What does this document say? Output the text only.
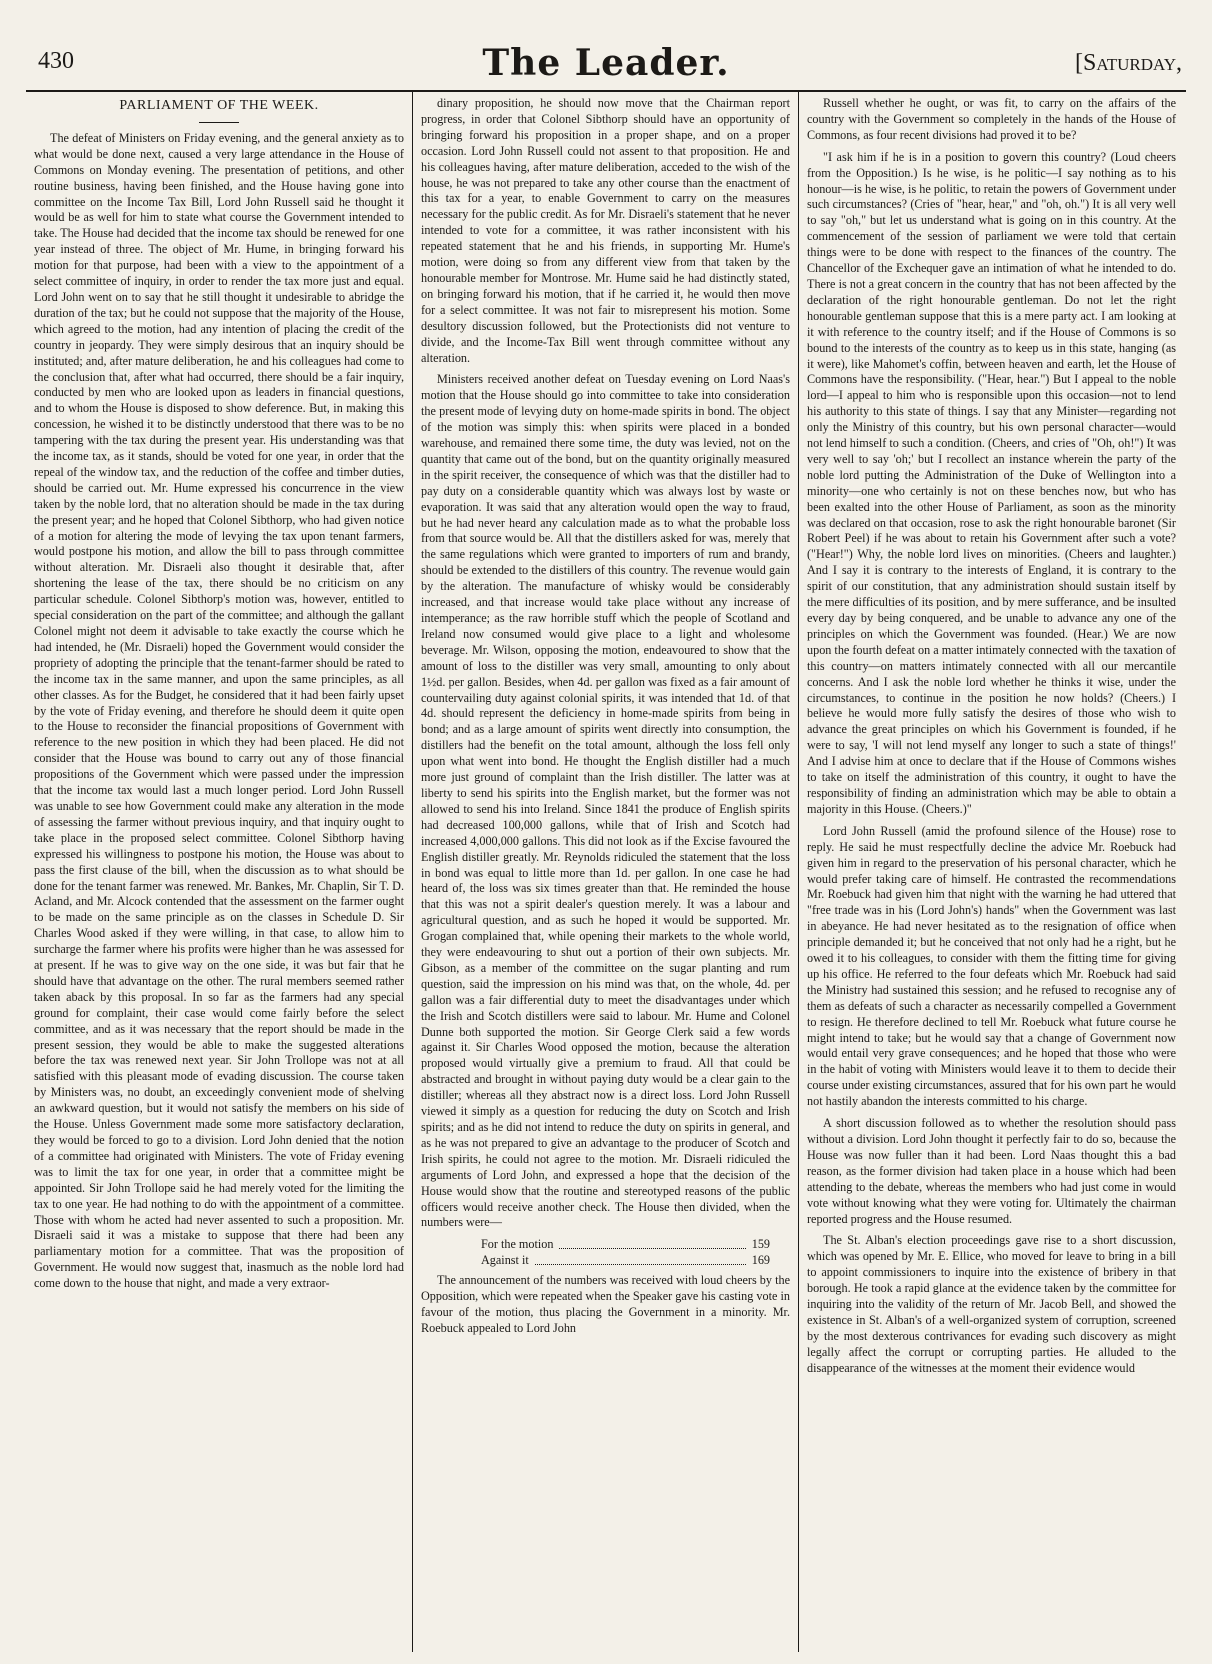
430	The Leader.	[Saturday,
PARLIAMENT OF THE WEEK.

The defeat of Ministers on Friday evening, and the general anxiety as to what would be done next, caused a very large attendance in the House of Commons on Monday evening. The presentation of petitions, and other routine business, having been finished, and the House having gone into committee on the Income Tax Bill, Lord John Russell said he thought it would be as well for him to state what course the Government intended to take. The House had decided that the income tax should be renewed for one year instead of three. The object of Mr. Hume, in bringing forward his motion for that purpose, had been with a view to the appointment of a select committee of inquiry, in order to render the tax more just and equal. Lord John went on to say that he still thought it undesirable to abridge the duration of the tax; but he could not suppose that the majority of the House, which agreed to the motion, had any intention of placing the credit of the country in jeopardy. They were simply desirous that an inquiry should be instituted; and, after mature deliberation, he and his colleagues had come to the conclusion that, after what had occurred, there should be a fair inquiry, conducted by men who are looked upon as leaders in financial questions, and to whom the House is disposed to show deference. But, in making this concession, he wished it to be distinctly understood that there was to be no tampering with the tax during the present year. His understanding was that the income tax, as it stands, should be voted for one year, in order that the repeal of the window tax, and the reduction of the coffee and timber duties, should be carried out. Mr. Hume expressed his concurrence in the view taken by the noble lord, that no alteration should be made in the tax during the present year; and he hoped that Colonel Sibthorp, who had given notice of a motion for altering the mode of levying the tax upon tenant farmers, would postpone his motion, and allow the bill to pass through committee without alteration. Mr. Disraeli also thought it desirable that, after shortening the lease of the tax, there should be no criticism on any particular schedule. Colonel Sibthorp's motion was, however, entitled to special consideration on the part of the committee; and although the gallant Colonel might not deem it advisable to take exactly the course which he had intended, he (Mr. Disraeli) hoped the Government would consider the propriety of adopting the principle that the tenant-farmer should be rated to the income tax in the same manner, and upon the same principles, as all other classes. As for the Budget, he considered that it had been fairly upset by the vote of Friday evening, and therefore he should deem it quite open to the House to reconsider the financial propositions of Government with reference to the new position in which they had been placed. He did not consider that the House was bound to carry out any of those financial propositions of the Government which were passed under the impression that the income tax would last a much longer period. Lord John Russell was unable to see how Government could make any alteration in the mode of assessing the farmer without previous inquiry, and that inquiry ought to take place in the proposed select committee. Colonel Sibthorp having expressed his willingness to postpone his motion, the House was about to pass the first clause of the bill, when the discussion as to what should be done for the tenant farmer was renewed. Mr. Bankes, Mr. Chaplin, Sir T. D. Acland, and Mr. Alcock contended that the assessment on the farmer ought to be made on the same principle as on the classes in Schedule D. Sir Charles Wood asked if they were willing, in that case, to allow him to surcharge the farmer where his profits were higher than he was assessed for at present. If he was to give way on the one side, it was but fair that he should have that advantage on the other. The rural members seemed rather taken aback by this proposal. In so far as the farmers had any special ground for complaint, their case would come fairly before the select committee, and as it was necessary that the report should be made in the present session, they would be able to make the suggested alterations before the tax was renewed next year. Sir John Trollope was not at all satisfied with this pleasant mode of evading discussion. The course taken by Ministers was, no doubt, an exceedingly convenient mode of shelving an awkward question, but it would not satisfy the members on his side of the House. Unless Government made some more satisfactory declaration, they would be forced to go to a division. Lord John denied that the notion of a committee had originated with Ministers. The vote of Friday evening was to limit the tax for one year, in order that a committee might be appointed. Sir John Trollope said he had merely voted for the limiting the tax to one year. He had nothing to do with the appointment of a committee. Those with whom he acted had never assented to such a proposition. Mr. Disraeli said it was a mistake to suppose that there had been any parliamentary motion for a committee. That was the proposition of Government. He would now suggest that, inasmuch as the noble lord had come down to the house that night, and made a very extraor-

dinary proposition, he should now move that the Chairman report progress, in order that Colonel Sibthorp should have an opportunity of bringing forward his proposition in a proper shape, and on a proper occasion. Lord John Russell could not assent to that proposition. He and his colleagues having, after mature deliberation, acceded to the wish of the house, he was not prepared to take any other course than the enactment of this tax for a year, to enable Government to carry on the measures necessary for the public credit. As for Mr. Disraeli's statement that he never intended to vote for a committee, it was rather inconsistent with his repeated statement that he and his friends, in supporting Mr. Hume's motion, were doing so from any different view from that taken by the honourable member for Montrose. Mr. Hume said he had distinctly stated, on bringing forward his motion, that if he carried it, he would then move for a select committee. It was not fair to misrepresent his motion. Some desultory discussion followed, but the Protectionists did not venture to divide, and the Income-Tax Bill went through committee without any alteration.

Ministers received another defeat on Tuesday evening on Lord Naas's motion that the House should go into committee to take into consideration the present mode of levying duty on home-made spirits in bond. The object of the motion was simply this: when spirits were placed in a bonded warehouse, and remained there some time, the duty was levied, not on the quantity that came out of the bond, but on the quantity originally measured in the spirit receiver, the consequence of which was that the distiller had to pay duty on a considerable quantity which was always lost by waste or evaporation. It was said that any alteration would open the way to fraud, but he had never heard any calculation made as to what the probable loss from that source would be. All that the distillers asked for was, merely that the same regulations which were granted to importers of rum and brandy, should be extended to the distillers of this country. The revenue would gain by the alteration. The manufacture of whisky would be considerably increased, and that increase would take place without any increase of intemperance; as the raw horrible stuff which the people of Scotland and Ireland now consumed would give place to a light and wholesome beverage. Mr. Wilson, opposing the motion, endeavoured to show that the amount of loss to the distiller was very small, amounting to only about 1½d. per gallon. Besides, when 4d. per gallon was fixed as a fair amount of countervailing duty against colonial spirits, it was intended that 1d. of that 4d. should represent the deficiency in home-made spirits from being in bond; and as a large amount of spirits went directly into consumption, the distillers had the benefit on the total amount, although the loss fell only upon what went into bond. He thought the English distiller had a much more just ground of complaint than the Irish distiller. The latter was at liberty to send his spirits into the English market, but the former was not allowed to send his into Ireland. Since 1841 the produce of English spirits had decreased 100,000 gallons, while that of Irish and Scotch had increased 4,000,000 gallons. This did not look as if the Excise favoured the English distiller greatly. Mr. Reynolds ridiculed the statement that the loss in bond was equal to little more than 1d. per gallon. In one case he had heard of, the loss was six times greater than that. He reminded the house that this was not a spirit dealer's question merely. It was a labour and agricultural question, and as such he hoped it would be supported. Mr. Grogan complained that, while opening their markets to the whole world, they were endeavouring to shut out a portion of their own subjects. Mr. Gibson, as a member of the committee on the sugar planting and rum question, said the impression on his mind was that, on the whole, 4d. per gallon was a fair differential duty to meet the disadvantages under which the Irish and Scotch distillers were said to labour. Mr. Hume and Colonel Dunne both supported the motion. Sir George Clerk said a few words against it. Sir Charles Wood opposed the motion, because the alteration proposed would virtually give a premium to fraud. All that could be abstracted and brought in without paying duty would be a clear gain to the distiller; whereas all they abstract now is a direct loss. Lord John Russell viewed it simply as a question for reducing the duty on Scotch and Irish spirits; and as he did not intend to reduce the duty on spirits in general, and as he was not prepared to give an advantage to the producer of Scotch and Irish spirits, he could not agree to the motion. Mr. Disraeli ridiculed the arguments of Lord John, and expressed a hope that the decision of the House would show that the routine and stereotyped reasons of the public officers would receive another check. The House then divided, when the numbers were—

For the motion	159
Against it	169

The announcement of the numbers was received with loud cheers by the Opposition, which were repeated when the Speaker gave his casting vote in favour of the motion, thus placing the Government in a minority. Mr. Roebuck appealed to Lord John

Russell whether he ought, or was fit, to carry on the affairs of the country with the Government so completely in the hands of the House of Commons, as four recent divisions had proved it to be?

"I ask him if he is in a position to govern this country? (Loud cheers from the Opposition.) Is he wise, is he politic—I say nothing as to his honour—is he wise, is he politic, to retain the powers of Government under such circumstances? (Cries of "hear, hear," and "oh, oh.") It is all very well to say "oh," but let us understand what is going on in this country. At the commencement of the session of parliament we were told that certain things were to be done with respect to the finances of the country. The Chancellor of the Exchequer gave an intimation of what he intended to do. There is not a great concern in the country that has not been affected by the declaration of the right honourable gentleman. Do not let the right honourable gentleman suppose that this is a mere party act. I am looking at it with reference to the country itself; and if the House of Commons is so bound to the interests of the country as to keep us in this state, hanging (as it were), like Mahomet's coffin, between heaven and earth, let the House of Commons have the responsibility. ("Hear, hear.") But I appeal to the noble lord—I appeal to him who is responsible upon this occasion—not to lend his authority to this state of things. I say that any Minister—regarding not only the Ministry of this country, but his own personal character—would not lend himself to such a condition. (Cheers, and cries of "Oh, oh!") It was very well to say 'oh;' but I recollect an instance wherein the party of the noble lord putting the Administration of the Duke of Wellington into a minority—one who certainly is not on these benches now, but who has been exalted into the other House of Parliament, as soon as the minority was declared on that occasion, rose to ask the right honourable baronet (Sir Robert Peel) if he was about to retain his Government after such a vote? ("Hear!") Why, the noble lord lives on minorities. (Cheers and laughter.) And I say it is contrary to the interests of England, it is contrary to the spirit of our constitution, that any administration should sustain itself by the mere difficulties of its position, and by mere sufferance, and be insulted every day by being conquered, and be unable to advance any one of the principles on which the Government was founded. (Hear.) We are now upon the fourth defeat on a matter intimately connected with the taxation of this country—on matters intimately connected with all our mercantile concerns. And I ask the noble lord whether he thinks it wise, under the circumstances, to continue in the position he now holds? (Cheers.) I believe he would more fully satisfy the desires of those who wish to advance the great principles on which his Government is founded, if he were to say, 'I will not lend myself any longer to such a state of things!' And I advise him at once to declare that if the House of Commons wishes to take on itself the administration of this country, it ought to have the responsibility of finding an administration which may be able to obtain a majority in this House. (Cheers.)"

Lord John Russell (amid the profound silence of the House) rose to reply. He said he must respectfully decline the advice Mr. Roebuck had given him in regard to the preservation of his personal character, which he would prefer taking care of himself. He contrasted the recommendations Mr. Roebuck had given him that night with the warning he had uttered that "free trade was in his (Lord John's) hands" when the Government was last in abeyance. He had never hesitated as to the resignation of office when principle demanded it; but he conceived that not only had he a right, but he owed it to his colleagues, to consider with them the fitting time for giving up his office. He referred to the four defeats which Mr. Roebuck had said the Ministry had sustained this session; and he refused to recognise any of them as defeats of such a character as necessarily compelled a Government to resign. He therefore declined to tell Mr. Roebuck what future course he might intend to take; but he would say that a change of Government now would entail very grave consequences; and he hoped that those who were in the habit of voting with Ministers would leave it to them to decide their course under existing circumstances, assured that for his own part he would not hastily abandon the interests committed to his charge.

A short discussion followed as to whether the resolution should pass without a division. Lord John thought it perfectly fair to do so, because the House was now fuller than it had been. Lord Naas thought this a bad reason, as the former division had taken place in a house which had been attending to the debate, whereas the members who had just come in would vote without knowing what they were voting for. Ultimately the chairman reported progress and the House resumed.

The St. Alban's election proceedings gave rise to a short discussion, which was opened by Mr. E. Ellice, who moved for leave to bring in a bill to appoint commissioners to inquire into the existence of bribery in that borough. He took a rapid glance at the evidence taken by the committee for inquiring into the validity of the return of Mr. Jacob Bell, and showed the existence in St. Alban's of a well-organized system of corruption, screened by the most dexterous contrivances for evading such discovery as might legally affect the corrupt or corrupting parties. He alluded to the disappearance of the witnesses at the moment their evidence would
